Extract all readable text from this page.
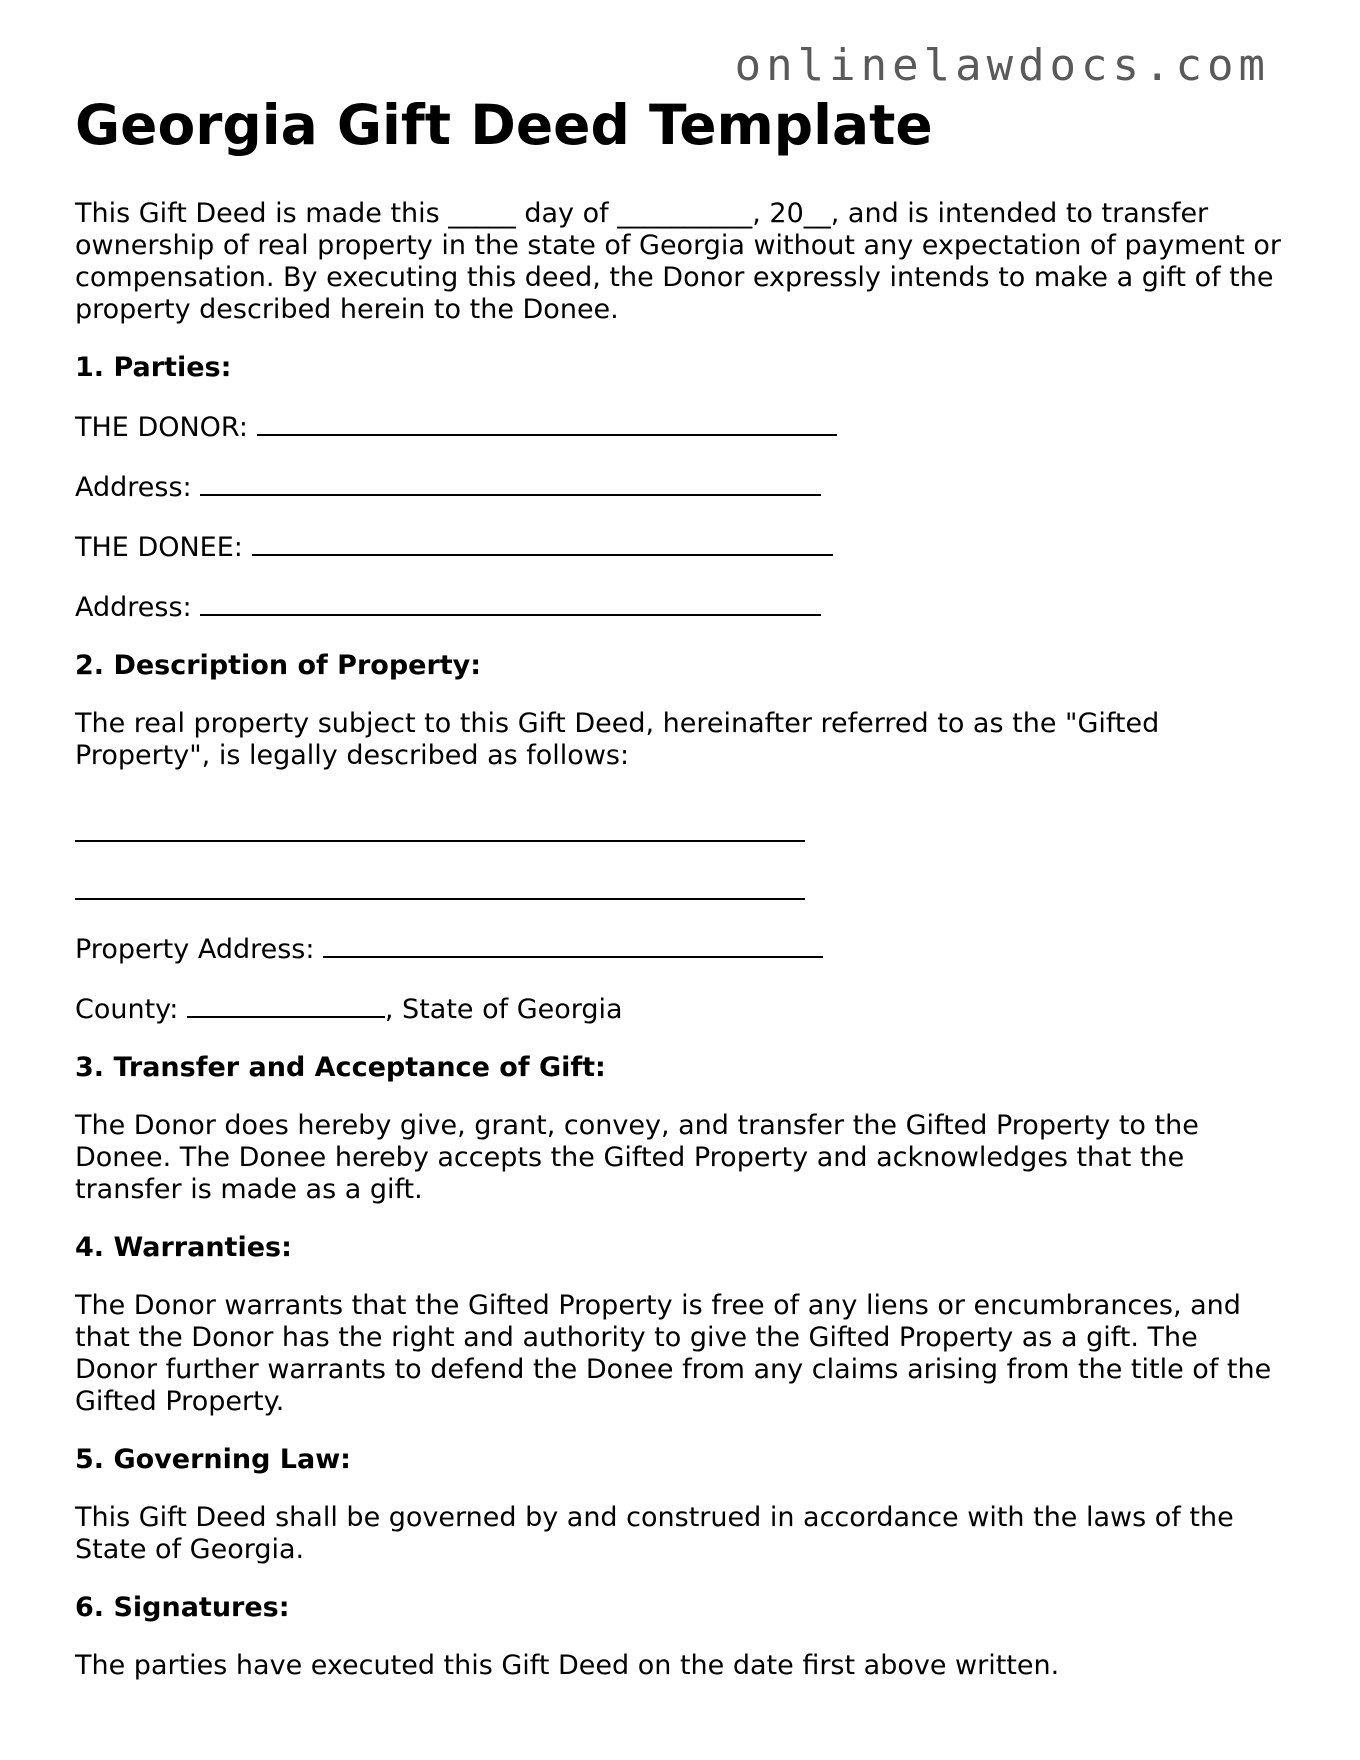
onlinelawdocs.com
Georgia Gift Deed Template

This Gift Deed is made this _____ day of __________, 20__, and is intended to transfer ownership of real property in the state of Georgia without any expectation of payment or compensation. By executing this deed, the Donor expressly intends to make a gift of the property described herein to the Donee.

1. Parties:
THE DONOR:
Address:
THE DONEE:
Address:
2. Description of Property:

The real property subject to this Gift Deed, hereinafter referred to as the "Gifted Property", is legally described as follows:

Property Address:
County:	, State of Georgia
3. Transfer and Acceptance of Gift:

The Donor does hereby give, grant, convey, and transfer the Gifted Property to the Donee. The Donee hereby accepts the Gifted Property and acknowledges that the transfer is made as a gift.

4. Warranties:

The Donor warrants that the Gifted Property is free of any liens or encumbrances, and that the Donor has the right and authority to give the Gifted Property as a gift. The Donor further warrants to defend the Donee from any claims arising from the title of the Gifted Property.

5. Governing Law:

This Gift Deed shall be governed by and construed in accordance with the laws of the State of Georgia.

6. Signatures:

The parties have executed this Gift Deed on the date first above written.
